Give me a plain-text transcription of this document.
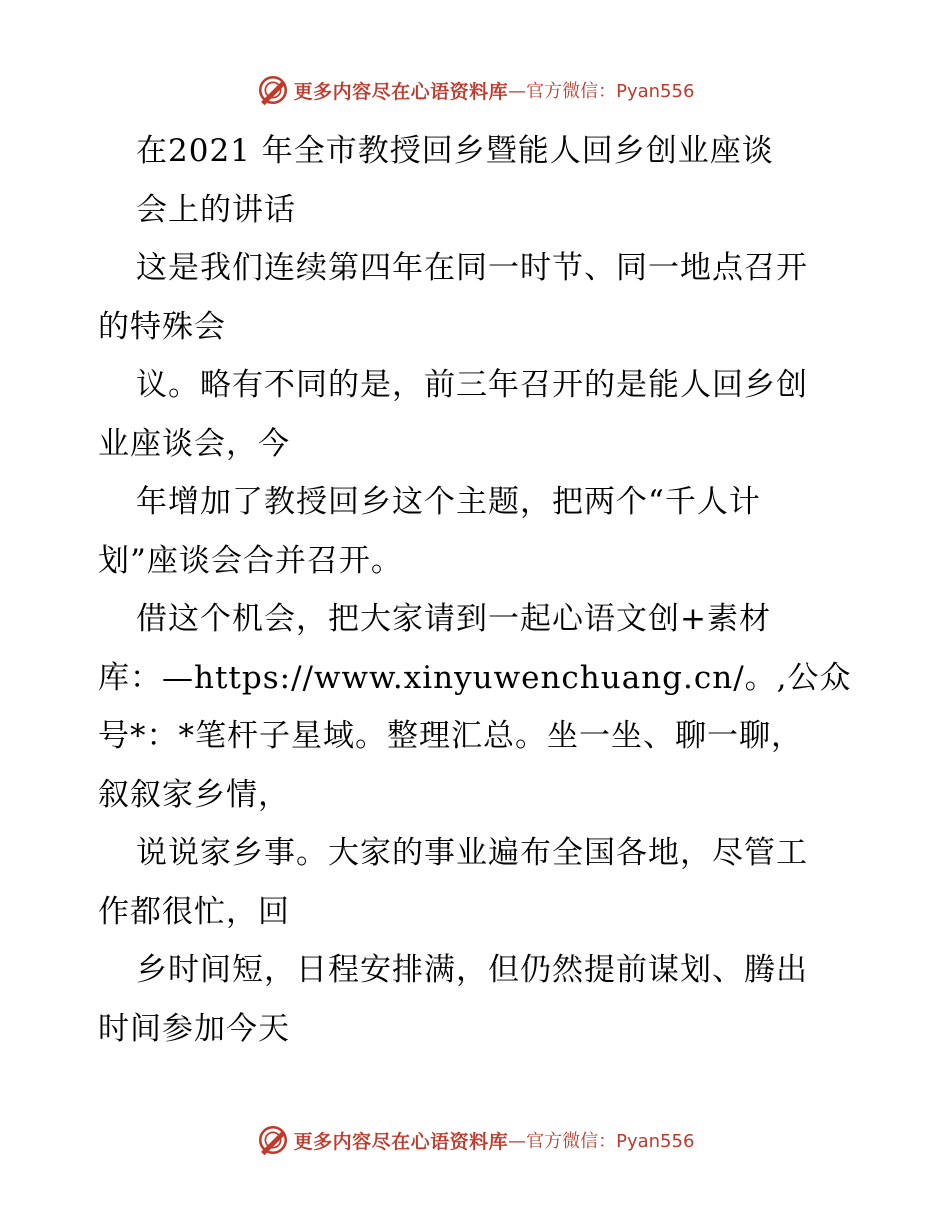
更多内容尽在心语资料库 —官方微信：Pyan556
在2021 年全市教授回乡暨能人回乡创业座谈
会上的讲话
这是我们连续第四年在同一时节、同一地点召开
的特殊会
议。略有不同的是，前三年召开的是能人回乡创
业座谈会，今
年增加了教授回乡这个主题，把两个“千人计
划”座谈会合并召开。
借这个机会，把大家请到一起心语文创+素材
库：—https://www.xinyuwenchuang.cn/。,公众
号*：*笔杆子星域。整理汇总。坐一坐、聊一聊，
叙叙家乡情，
说说家乡事。大家的事业遍布全国各地，尽管工
作都很忙，回
乡时间短，日程安排满，但仍然提前谋划、腾出
时间参加今天
更多内容尽在心语资料库 —官方微信：Pyan556
